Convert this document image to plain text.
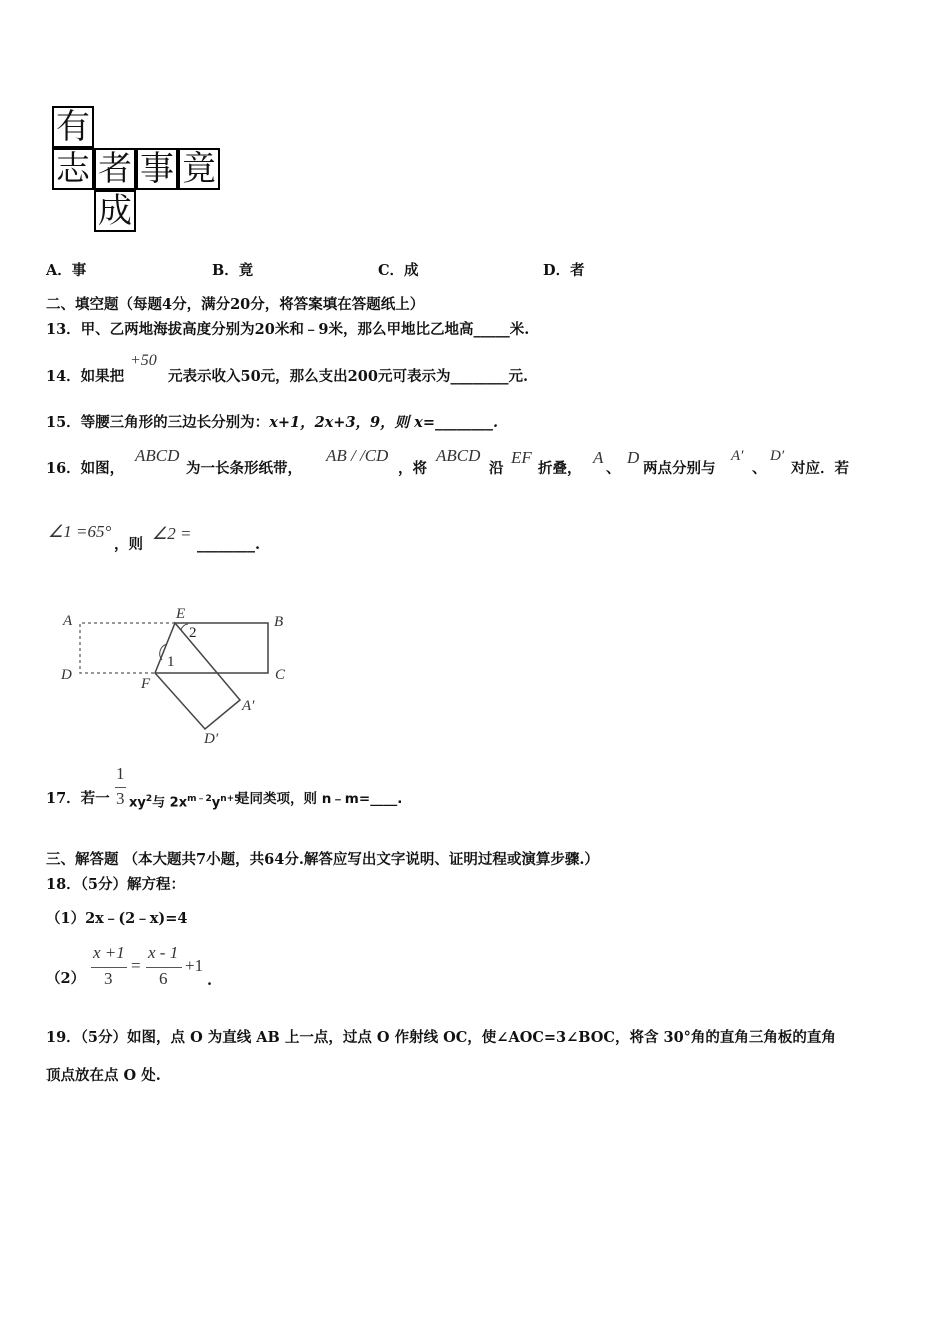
有
志 者 事 竟
成
A．事	B．竟	C．成	D．者
二、填空题（每题4分，满分20分，将答案填在答题纸上）
13．甲、乙两地海拔高度分别为20米和﹣9米，那么甲地比乙地高_____米.
14．如果把
+50
元表示收入50元，那么支出200元可表示为________元.
15．等腰三角形的三边长分别为：x+1，2x+3，9，则 x=________.
16．如图，
ABCD
为一长条形纸带，
AB / /CD
，将
ABCD
沿
EF
折叠，
A
、
D
两点分别与
A′
、
D′
对应．若
∠1 =65°
，则
∠2 =
________.
A	E	B
D
F
C
A′
D′
1
2
17．若一
1
3 $xy^2$与 $2x^{m﹣2}y^{n+5}$
是同类项，则 n﹣m=____.
三、解答题 （本大题共7小题，共64分.解答应写出文字说明、证明过程或演算步骤.）
18．（5分）解方程：
（1）2x﹣(2﹣x)=4
（2）
x +1
3
=
x - 1
6
+1
.
19．（5分）如图，点 O 为直线 AB 上一点，过点 O 作射线 OC，使∠AOC=3∠BOC，将含 30°角的直角三角板的直角
顶点放在点 O 处.
